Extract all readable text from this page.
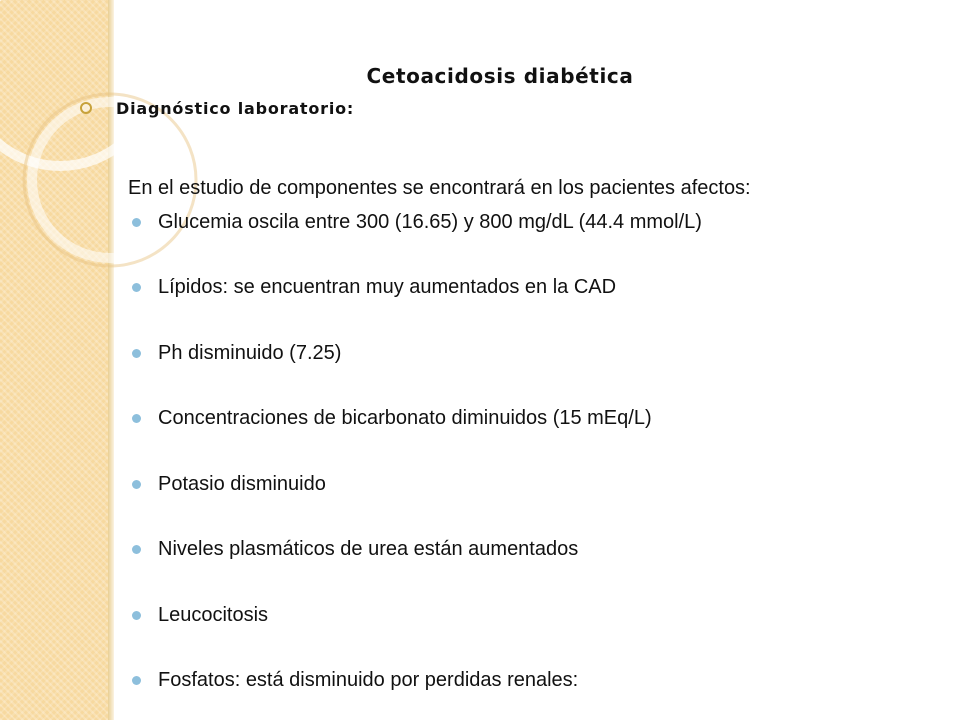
Cetoacidosis diabética
Diagnóstico laboratorio:
En el estudio de componentes se encontrará en los pacientes afectos:
Glucemia oscila entre 300 (16.65) y 800 mg/dL (44.4 mmol/L)
Lípidos: se encuentran muy aumentados en la CAD
Ph disminuido (7.25)
Concentraciones de bicarbonato diminuidos (15 mEq/L)
Potasio disminuido
Niveles plasmáticos de urea están aumentados
Leucocitosis
Fosfatos: está disminuido por perdidas renales:
